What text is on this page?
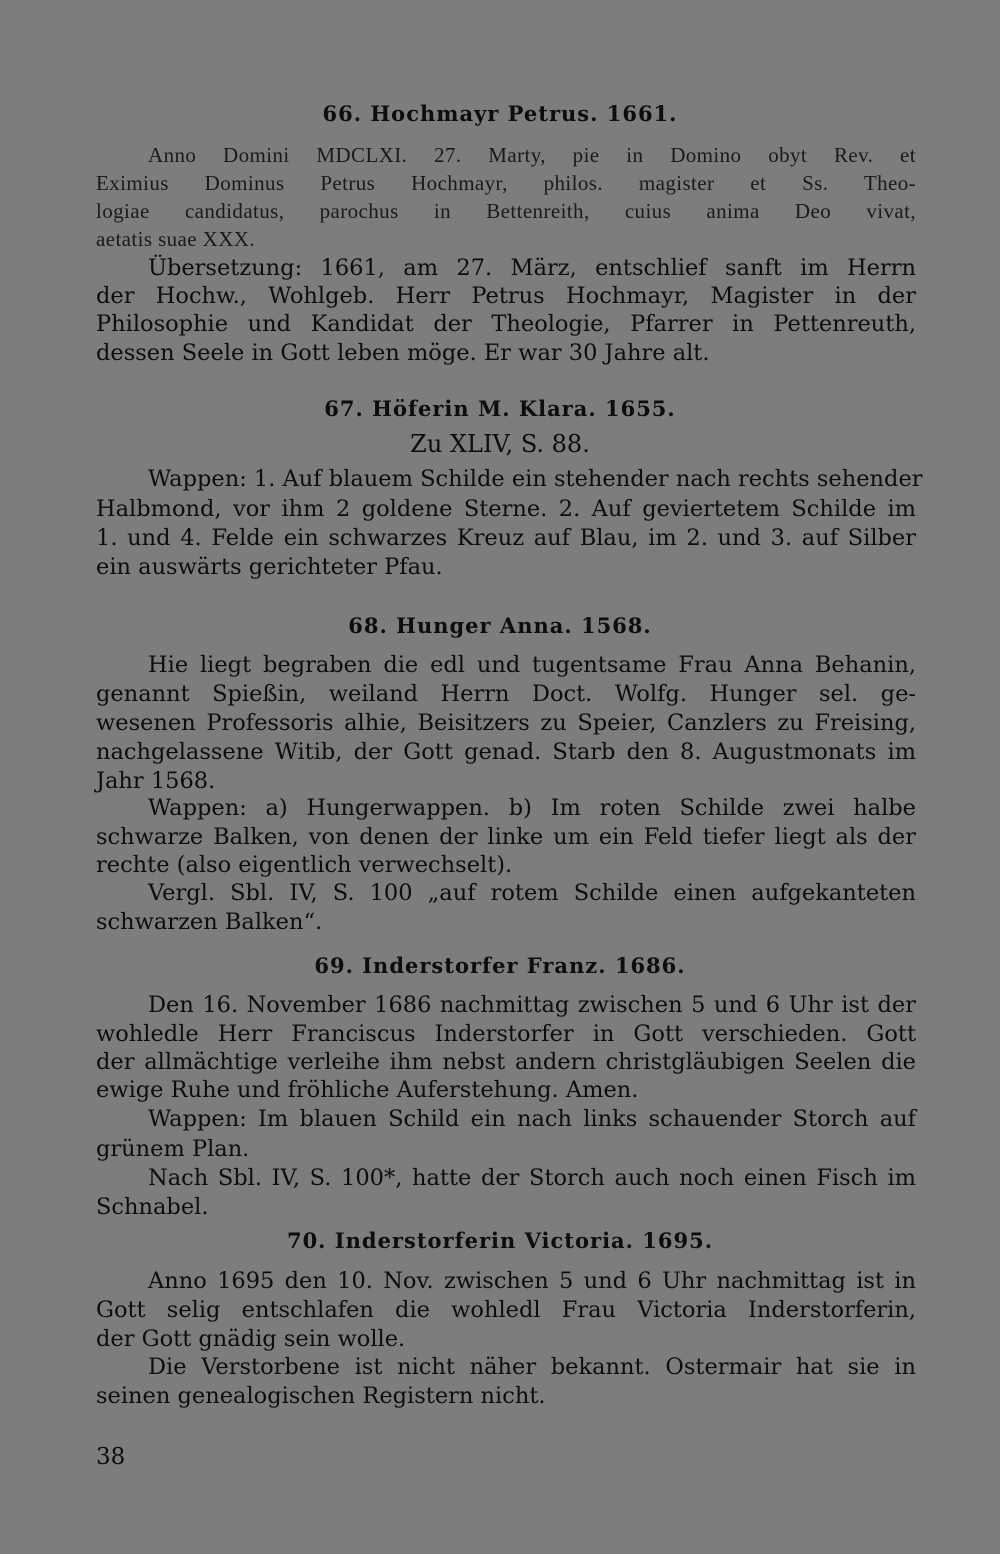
66. Hochmayr Petrus. 1661.
Anno Domini MDCLXI. 27. Marty, pie in Domino obyt Rev. et
Eximius Dominus Petrus Hochmayr, philos. magister et Ss. Theo-
logiae candidatus, parochus in Bettenreith, cuius anima Deo vivat,
aetatis suae XXX.
Übersetzung: 1661, am 27. März, entschlief sanft im Herrn
der Hochw., Wohlgeb. Herr Petrus Hochmayr, Magister in der
Philosophie und Kandidat der Theologie, Pfarrer in Pettenreuth,
dessen Seele in Gott leben möge. Er war 30 Jahre alt.
67. Höferin M. Klara. 1655.
Zu XLIV, S. 88.
Wappen: 1. Auf blauem Schilde ein stehender nach rechts sehender
Halbmond, vor ihm 2 goldene Sterne. 2. Auf geviertetem Schilde im
1. und 4. Felde ein schwarzes Kreuz auf Blau, im 2. und 3. auf Silber
ein auswärts gerichteter Pfau.
68. Hunger Anna. 1568.
Hie liegt begraben die edl und tugentsame Frau Anna Behanin,
genannt Spießin, weiland Herrn Doct. Wolfg. Hunger sel. ge-
wesenen Professoris alhie, Beisitzers zu Speier, Canzlers zu Freising,
nachgelassene Witib, der Gott genad. Starb den 8. Augustmonats im
Jahr 1568.
Wappen: a) Hungerwappen. b) Im roten Schilde zwei halbe
schwarze Balken, von denen der linke um ein Feld tiefer liegt als der
rechte (also eigentlich verwechselt).
Vergl. Sbl. IV, S. 100 „auf rotem Schilde einen aufgekanteten
schwarzen Balken“.
69. Inderstorfer Franz. 1686.
Den 16. November 1686 nachmittag zwischen 5 und 6 Uhr ist der
wohledle Herr Franciscus Inderstorfer in Gott verschieden. Gott
der allmächtige verleihe ihm nebst andern christgläubigen Seelen die
ewige Ruhe und fröhliche Auferstehung. Amen.
Wappen: Im blauen Schild ein nach links schauender Storch auf
grünem Plan.
Nach Sbl. IV, S. 100*, hatte der Storch auch noch einen Fisch im
Schnabel.
70. Inderstorferin Victoria. 1695.
Anno 1695 den 10. Nov. zwischen 5 und 6 Uhr nachmittag ist in
Gott selig entschlafen die wohledl Frau Victoria Inderstorferin,
der Gott gnädig sein wolle.
Die Verstorbene ist nicht näher bekannt. Ostermair hat sie in
seinen genealogischen Registern nicht.
38
